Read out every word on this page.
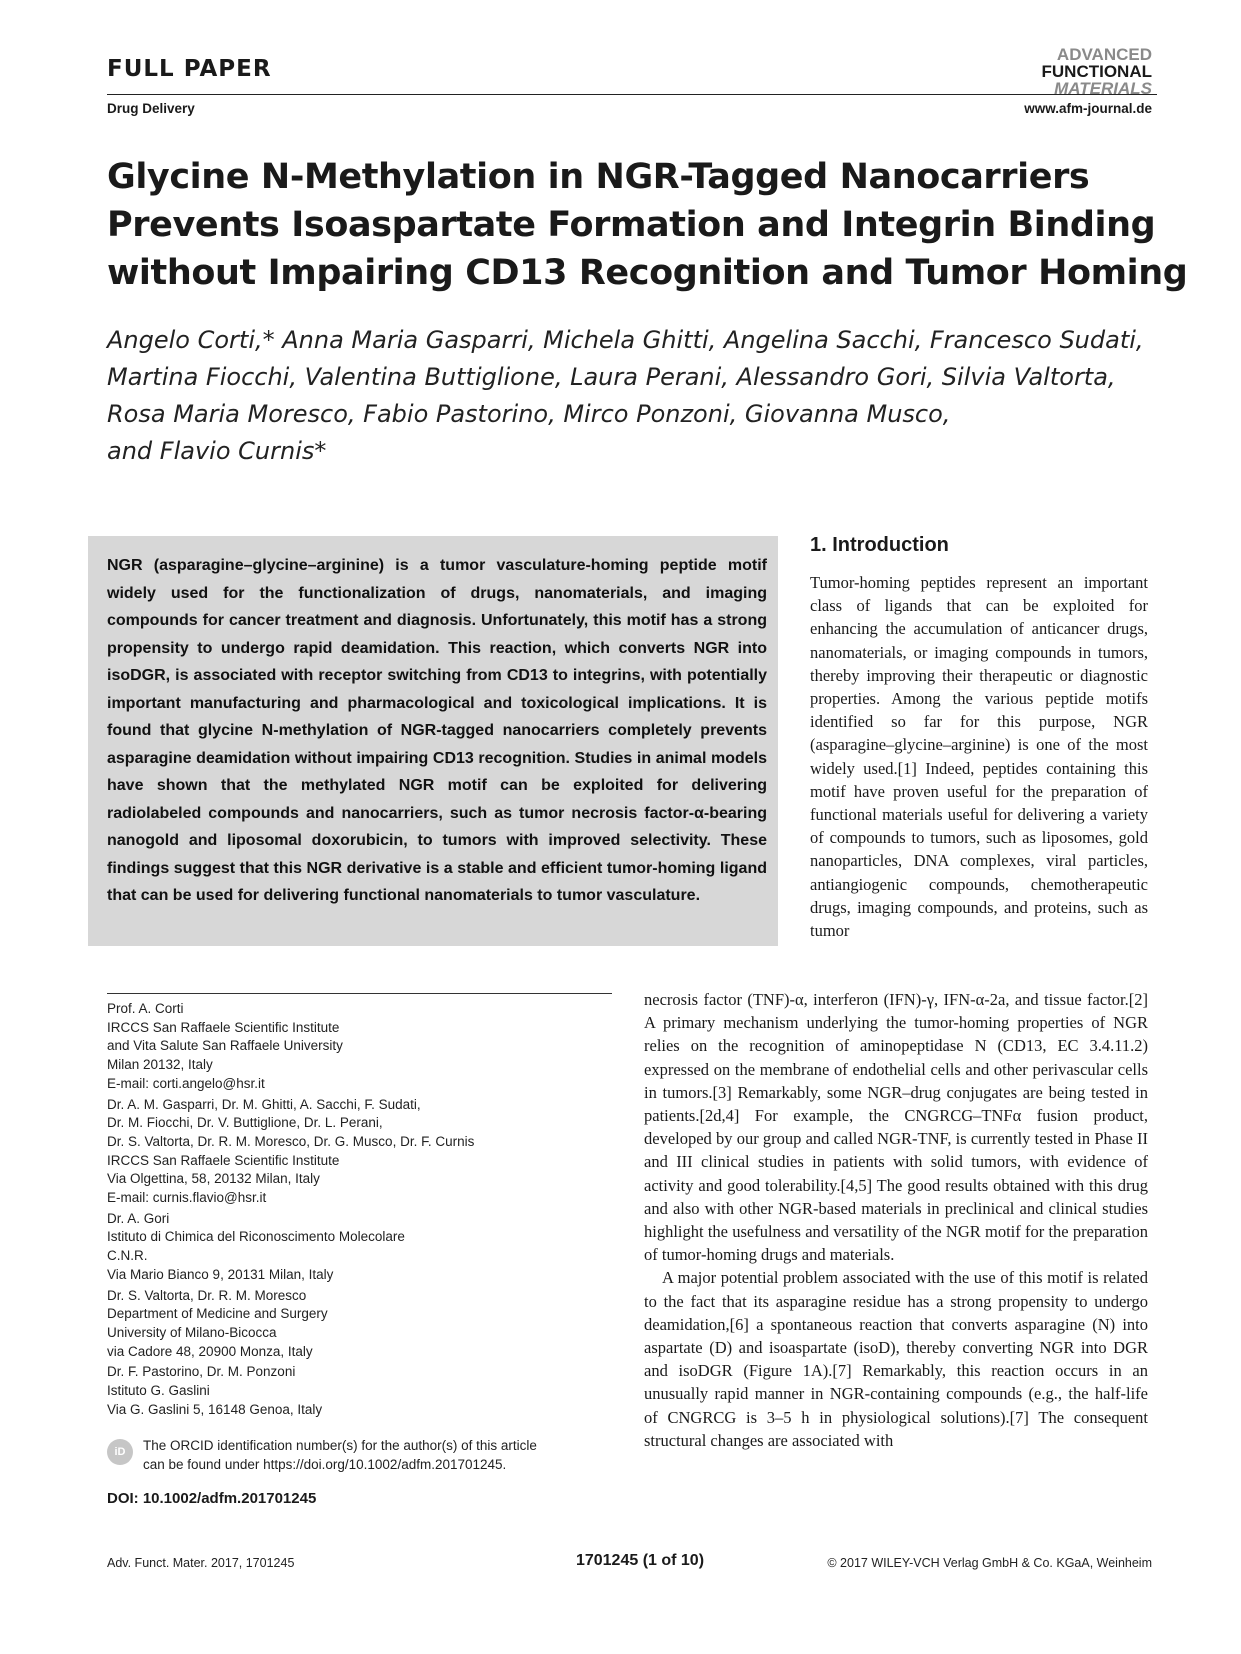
FULL PAPER
Drug Delivery
ADVANCED
FUNCTIONAL
MATERIALS
www.afm-journal.de
Glycine N-Methylation in NGR-Tagged Nanocarriers
Prevents Isoaspartate Formation and Integrin Binding
without Impairing CD13 Recognition and Tumor Homing
Angelo Corti,* Anna Maria Gasparri, Michela Ghitti, Angelina Sacchi, Francesco Sudati,
Martina Fiocchi, Valentina Buttiglione, Laura Perani, Alessandro Gori, Silvia Valtorta,
Rosa Maria Moresco, Fabio Pastorino, Mirco Ponzoni, Giovanna Musco,
and Flavio Curnis*
NGR (asparagine–glycine–arginine) is a tumor vasculature-homing peptide motif widely used for the functionalization of drugs, nanomaterials, and imaging compounds for cancer treatment and diagnosis. Unfortunately, this motif has a strong propensity to undergo rapid deamidation. This reaction, which converts NGR into isoDGR, is associated with receptor switching from CD13 to integrins, with potentially important manufacturing and pharmacological and toxicological implications. It is found that glycine N-methylation of NGR-tagged nanocarriers completely prevents asparagine deamidation without impairing CD13 recognition. Studies in animal models have shown that the methylated NGR motif can be exploited for delivering radiolabeled compounds and nanocarriers, such as tumor necrosis factor-α-bearing nanogold and liposomal doxorubicin, to tumors with improved selectivity. These findings suggest that this NGR derivative is a stable and efficient tumor-homing ligand that can be used for delivering functional nanomaterials to tumor vasculature.
1. Introduction

Tumor-homing peptides represent an important class of ligands that can be exploited for enhancing the accumulation of anticancer drugs, nanomaterials, or imaging compounds in tumors, thereby improving their therapeutic or diagnostic properties. Among the various peptide motifs identified so far for this purpose, NGR (asparagine–glycine–arginine) is one of the most widely used.[1] Indeed, peptides containing this motif have proven useful for the preparation of functional materials useful for delivering a variety of compounds to tumors, such as liposomes, gold nanoparticles, DNA complexes, viral particles, antiangiogenic compounds, chemotherapeutic drugs, imaging compounds, and proteins, such as tumor

necrosis factor (TNF)-α, interferon (IFN)-γ, IFN-α-2a, and tissue factor.[2] A primary mechanism underlying the tumor-homing properties of NGR relies on the recognition of aminopeptidase N (CD13, EC 3.4.11.2) expressed on the membrane of endothelial cells and other perivascular cells in tumors.[3] Remarkably, some NGR–drug conjugates are being tested in patients.[2d,4] For example, the CNGRCG–TNFα fusion product, developed by our group and called NGR-TNF, is currently tested in Phase II and III clinical studies in patients with solid tumors, with evidence of activity and good tolerability.[4,5] The good results obtained with this drug and also with other NGR-based materials in preclinical and clinical studies highlight the usefulness and versatility of the NGR motif for the preparation of tumor-homing drugs and materials.

A major potential problem associated with the use of this motif is related to the fact that its asparagine residue has a strong propensity to undergo deamidation,[6] a spontaneous reaction that converts asparagine (N) into aspartate (D) and isoaspartate (isoD), thereby converting NGR into DGR and isoDGR (Figure 1A).[7] Remarkably, this reaction occurs in an unusually rapid manner in NGR-containing compounds (e.g., the half-life of CNGRCG is 3–5 h in physiological solutions).[7] The consequent structural changes are associated with

Prof. A. Corti
IRCCS San Raffaele Scientific Institute
and Vita Salute San Raffaele University
Milan 20132, Italy
E-mail: corti.angelo@hsr.it
Dr. A. M. Gasparri, Dr. M. Ghitti, A. Sacchi, F. Sudati,
Dr. M. Fiocchi, Dr. V. Buttiglione, Dr. L. Perani,
Dr. S. Valtorta, Dr. R. M. Moresco, Dr. G. Musco, Dr. F. Curnis
IRCCS San Raffaele Scientific Institute
Via Olgettina, 58, 20132 Milan, Italy
E-mail: curnis.flavio@hsr.it
Dr. A. Gori
Istituto di Chimica del Riconoscimento Molecolare
C.N.R.
Via Mario Bianco 9, 20131 Milan, Italy
Dr. S. Valtorta, Dr. R. M. Moresco
Department of Medicine and Surgery
University of Milano-Bicocca
via Cadore 48, 20900 Monza, Italy
Dr. F. Pastorino, Dr. M. Ponzoni
Istituto G. Gaslini
Via G. Gaslini 5, 16148 Genoa, Italy
iD	The ORCID identification number(s) for the author(s) of this article
can be found under https://doi.org/10.1002/adfm.201701245.
DOI: 10.1002/adfm.201701245
Adv. Funct. Mater. 2017, 1701245	1701245 (1 of 10)	© 2017 WILEY-VCH Verlag GmbH & Co. KGaA, Weinheim
